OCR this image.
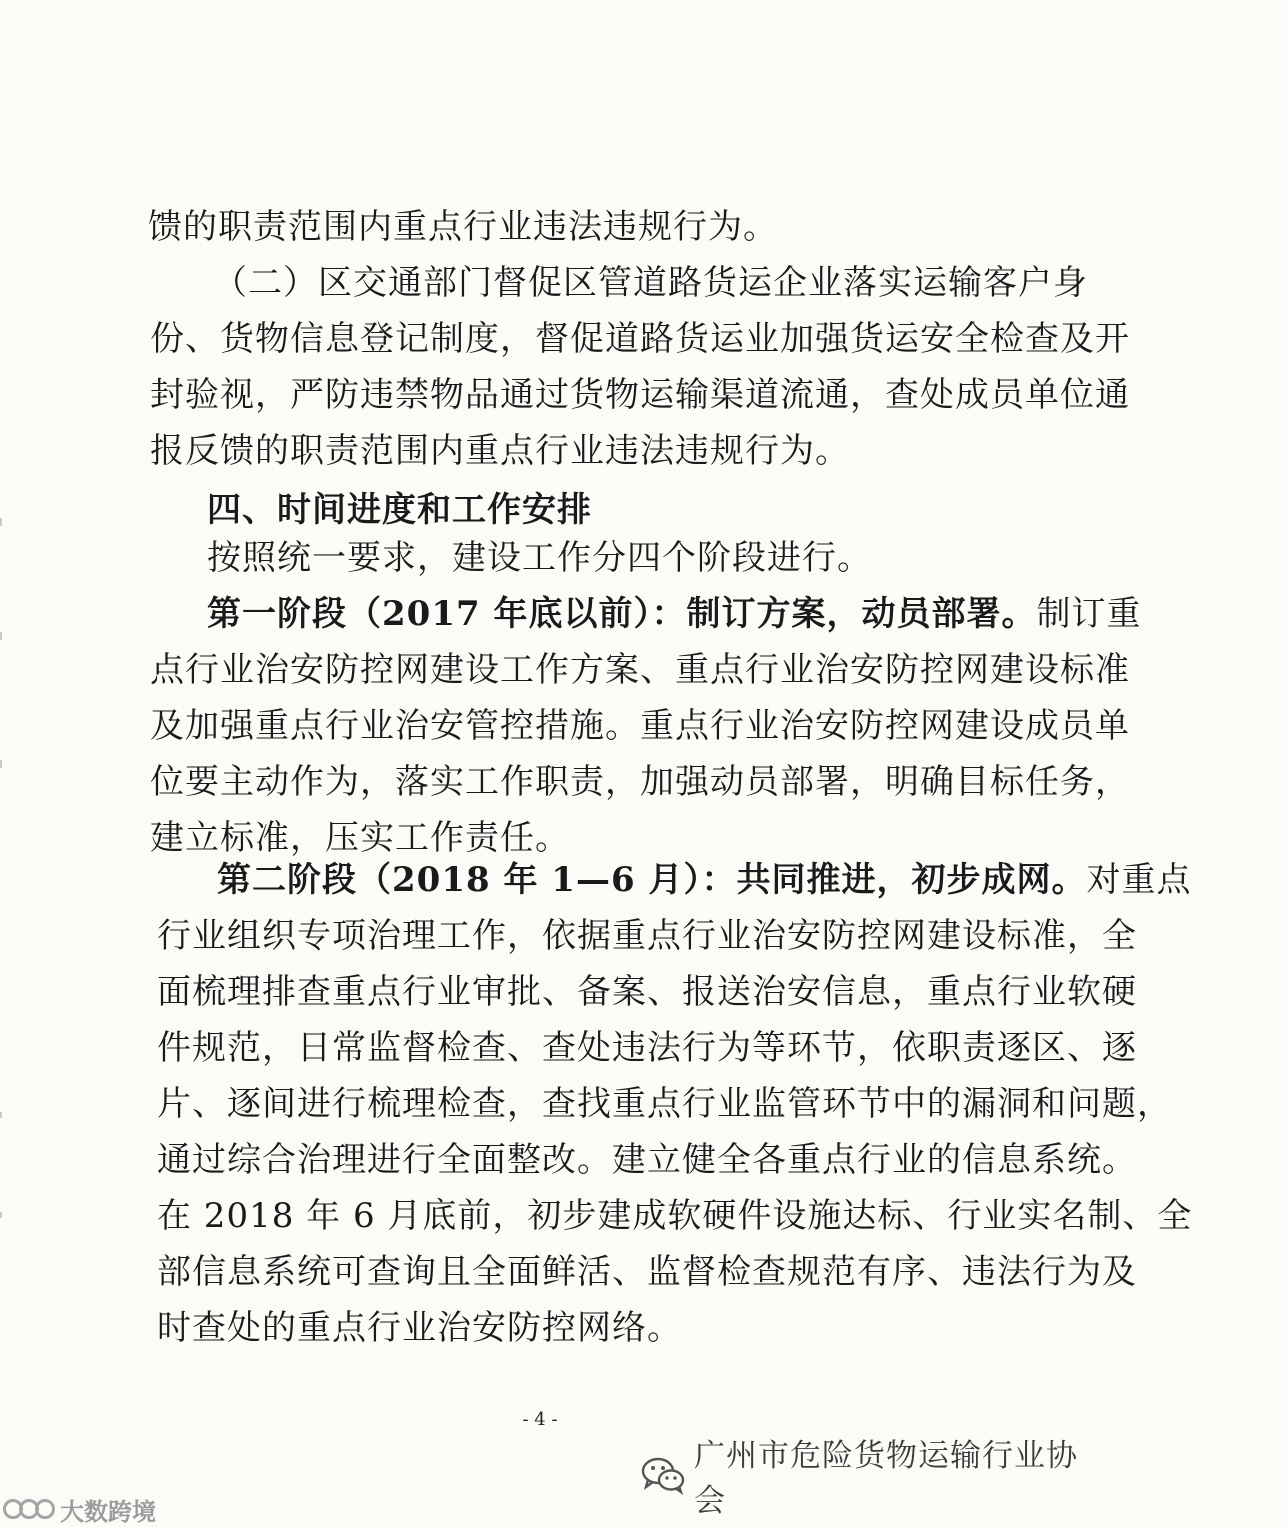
馈的职责范围内重点行业违法违规行为。
（二）区交通部门督促区管道路货运企业落实运输客户身
份、货物信息登记制度，督促道路货运业加强货运安全检查及开
封验视，严防违禁物品通过货物运输渠道流通，查处成员单位通
报反馈的职责范围内重点行业违法违规行为。
四、时间进度和工作安排
按照统一要求，建设工作分四个阶段进行。
第一阶段（2017 年底以前）：制订方案，动员部署。制订重
点行业治安防控网建设工作方案、重点行业治安防控网建设标准
及加强重点行业治安管控措施。重点行业治安防控网建设成员单
位要主动作为，落实工作职责，加强动员部署，明确目标任务，
建立标准，压实工作责任。
第二阶段（2018 年 1—6 月）：共同推进，初步成网。对重点
行业组织专项治理工作，依据重点行业治安防控网建设标准，全
面梳理排查重点行业审批、备案、报送治安信息，重点行业软硬
件规范，日常监督检查、查处违法行为等环节，依职责逐区、逐
片、逐间进行梳理检查，查找重点行业监管环节中的漏洞和问题，
通过综合治理进行全面整改。建立健全各重点行业的信息系统。
在 2018 年 6 月底前，初步建成软硬件设施达标、行业实名制、全
部信息系统可查询且全面鲜活、监督检查规范有序、违法行为及
时查处的重点行业治安防控网络。
- 4 -
广州市危险货物运输行业协会
大数跨境
